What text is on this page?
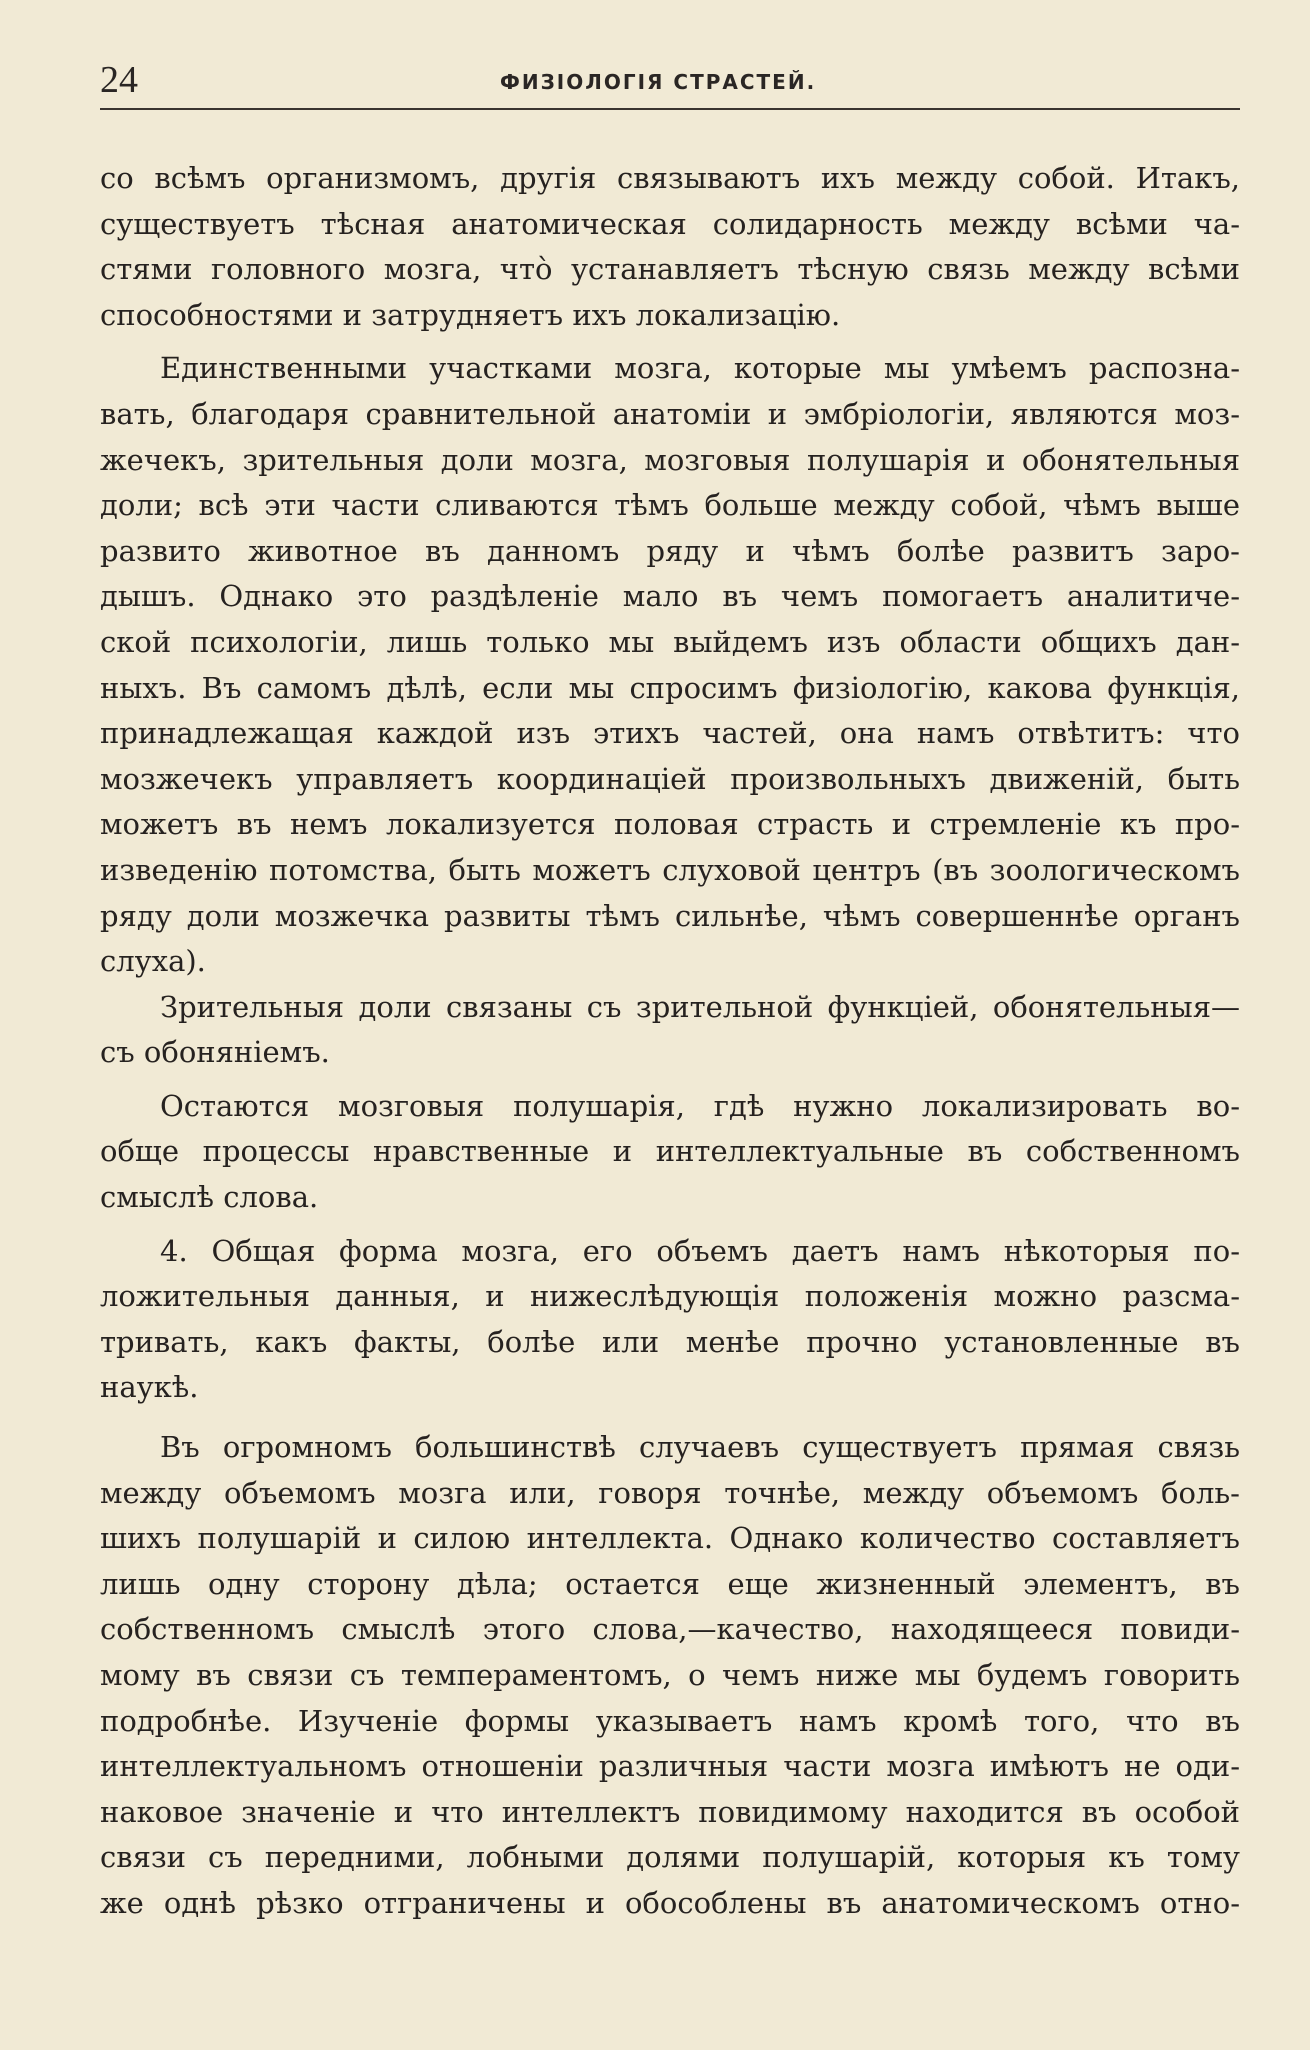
24	ФИЗІОЛОГІЯ СТРАСТЕЙ.
со всѣмъ организмомъ, другія связываютъ ихъ между собой. Итакъ,
существуетъ тѣсная анатомическая солидарность между всѣми ча-
стями головного мозга, что̀ устанавляетъ тѣсную связь между всѣми
способностями и затрудняетъ ихъ локализацію.
Единственными участками мозга, которые мы умѣемъ распозна-
вать, благодаря сравнительной анатоміи и эмбріологіи, являются моз-
жечекъ, зрительныя доли мозга, мозговыя полушарія и обонятельныя
доли; всѣ эти части сливаются тѣмъ больше между собой, чѣмъ выше
развито животное въ данномъ ряду и чѣмъ болѣе развитъ заро-
дышъ. Однако это раздѣленіе мало въ чемъ помогаетъ аналитиче-
ской психологіи, лишь только мы выйдемъ изъ области общихъ дан-
ныхъ. Въ самомъ дѣлѣ, если мы спросимъ физіологію, какова функція,
принадлежащая каждой изъ этихъ частей, она намъ отвѣтитъ: что
мозжечекъ управляетъ координаціей произвольныхъ движеній, быть
можетъ въ немъ локализуется половая страсть и стремленіе къ про-
изведенію потомства, быть можетъ слуховой центръ (въ зоологическомъ
ряду доли мозжечка развиты тѣмъ сильнѣе, чѣмъ совершеннѣе органъ
слуха).
Зрительныя доли связаны съ зрительной функціей, обонятельныя—
съ обоняніемъ.
Остаются мозговыя полушарія, гдѣ нужно локализировать во-
обще процессы нравственные и интеллектуальные въ собственномъ
смыслѣ слова.
4. Общая форма мозга, его объемъ даетъ намъ нѣкоторыя по-
ложительныя данныя, и нижеслѣдующія положенія можно разсма-
тривать, какъ факты, болѣе или менѣе прочно установленные въ
наукѣ.
Въ огромномъ большинствѣ случаевъ существуетъ прямая связь
между объемомъ мозга или, говоря точнѣе, между объемомъ боль-
шихъ полушарій и силою интеллекта. Однако количество составляетъ
лишь одну сторону дѣла; остается еще жизненный элементъ, въ
собственномъ смыслѣ этого слова,—качество, находящееся повиди-
мому въ связи съ темпераментомъ, о чемъ ниже мы будемъ говорить
подробнѣе. Изученіе формы указываетъ намъ кромѣ того, что въ
интеллектуальномъ отношеніи различныя части мозга имѣютъ не оди-
наковое значеніе и что интеллектъ повидимому находится въ особой
связи съ передними, лобными долями полушарій, которыя къ тому
же однѣ рѣзко отграничены и обособлены въ анатомическомъ отно-
